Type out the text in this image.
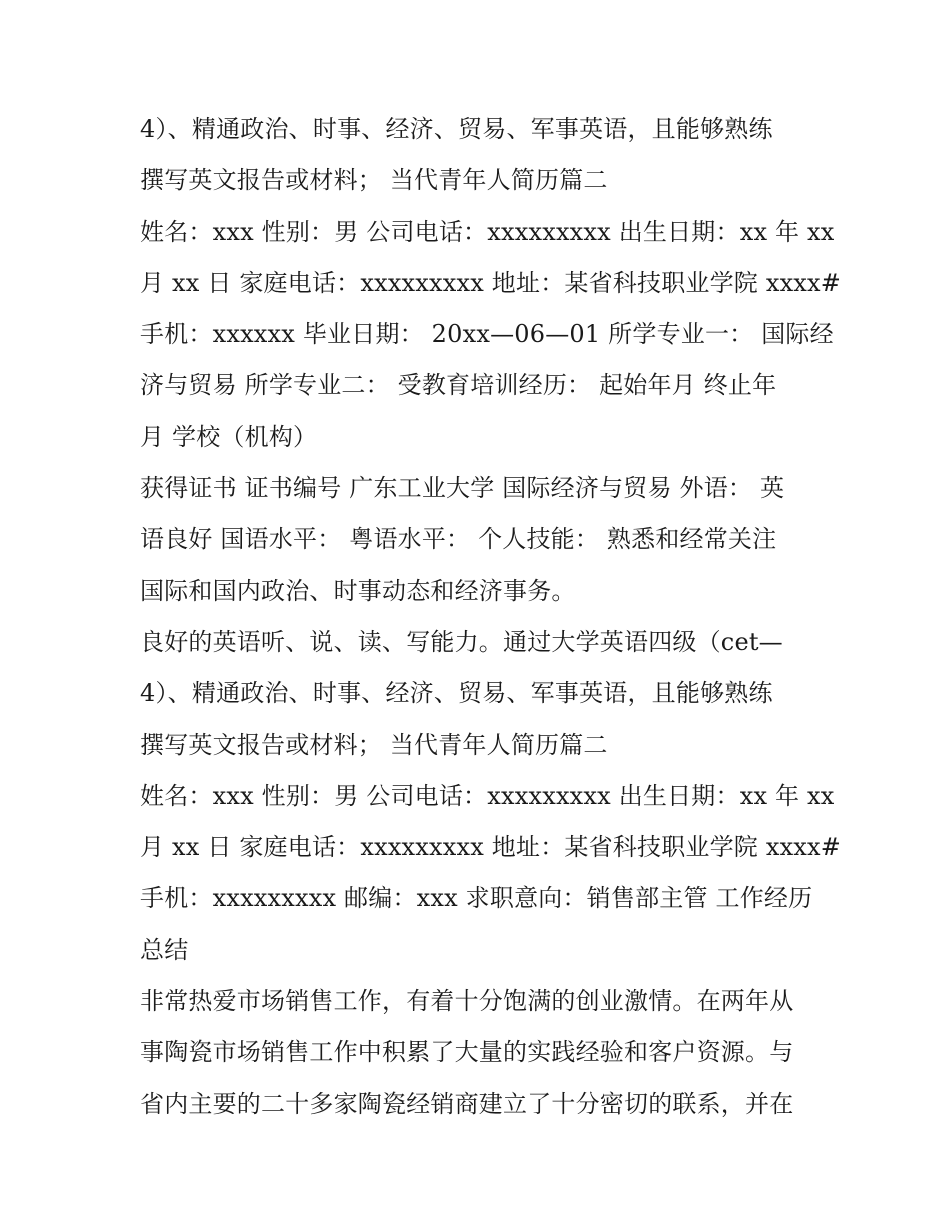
4）、精通政治、时事、经济、贸易、军事英语，且能够熟练
撰写英文报告或材料； 当代青年人简历篇二
姓名：xxx 性别：男 公司电话：xxxxxxxxx 出生日期：xx 年 xx
月 xx 日 家庭电话：xxxxxxxxx 地址：某省科技职业学院 xxxx#
手机：xxxxxx 毕业日期： 20xx—06—01 所学专业一： 国际经
济与贸易 所学专业二： 受教育培训经历： 起始年月 终止年
月 学校（机构）
获得证书 证书编号 广东工业大学 国际经济与贸易 外语： 英
语良好 国语水平： 粤语水平： 个人技能： 熟悉和经常关注
国际和国内政治、时事动态和经济事务。
良好的英语听、说、读、写能力。通过大学英语四级（cet—
4）、精通政治、时事、经济、贸易、军事英语，且能够熟练
撰写英文报告或材料； 当代青年人简历篇二
姓名：xxx 性别：男 公司电话：xxxxxxxxx 出生日期：xx 年 xx
月 xx 日 家庭电话：xxxxxxxxx 地址：某省科技职业学院 xxxx#
手机：xxxxxxxxx 邮编：xxx 求职意向：销售部主管 工作经历
总结
非常热爱市场销售工作，有着十分饱满的创业激情。在两年从
事陶瓷市场销售工作中积累了大量的实践经验和客户资源。与
省内主要的二十多家陶瓷经销商建立了十分密切的联系，并在
